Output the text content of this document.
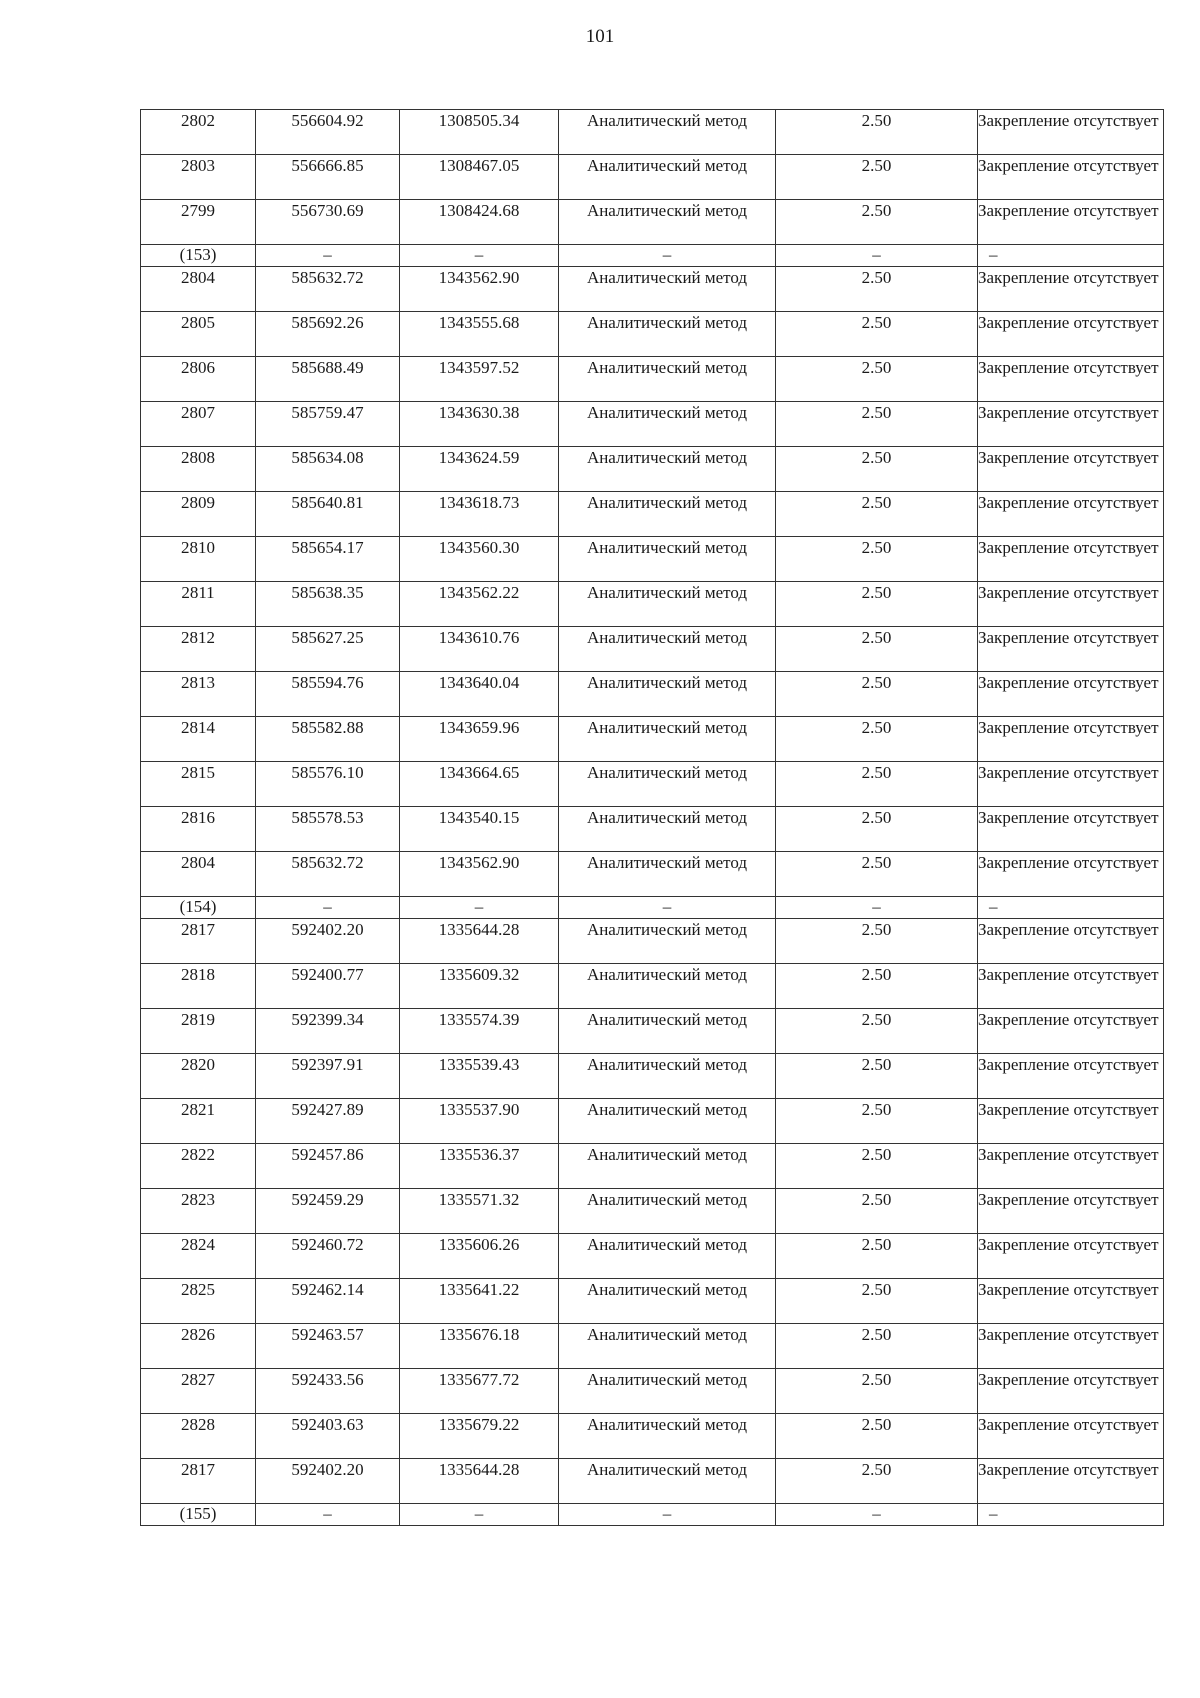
101
2802	556604.92	1308505.34	Аналитический метод	2.50	Закрепление отсутствует
2803	556666.85	1308467.05	Аналитический метод	2.50	Закрепление отсутствует
2799	556730.69	1308424.68	Аналитический метод	2.50	Закрепление отсутствует
(153)	–	–	–	–	–
2804	585632.72	1343562.90	Аналитический метод	2.50	Закрепление отсутствует
2805	585692.26	1343555.68	Аналитический метод	2.50	Закрепление отсутствует
2806	585688.49	1343597.52	Аналитический метод	2.50	Закрепление отсутствует
2807	585759.47	1343630.38	Аналитический метод	2.50	Закрепление отсутствует
2808	585634.08	1343624.59	Аналитический метод	2.50	Закрепление отсутствует
2809	585640.81	1343618.73	Аналитический метод	2.50	Закрепление отсутствует
2810	585654.17	1343560.30	Аналитический метод	2.50	Закрепление отсутствует
2811	585638.35	1343562.22	Аналитический метод	2.50	Закрепление отсутствует
2812	585627.25	1343610.76	Аналитический метод	2.50	Закрепление отсутствует
2813	585594.76	1343640.04	Аналитический метод	2.50	Закрепление отсутствует
2814	585582.88	1343659.96	Аналитический метод	2.50	Закрепление отсутствует
2815	585576.10	1343664.65	Аналитический метод	2.50	Закрепление отсутствует
2816	585578.53	1343540.15	Аналитический метод	2.50	Закрепление отсутствует
2804	585632.72	1343562.90	Аналитический метод	2.50	Закрепление отсутствует
(154)	–	–	–	–	–
2817	592402.20	1335644.28	Аналитический метод	2.50	Закрепление отсутствует
2818	592400.77	1335609.32	Аналитический метод	2.50	Закрепление отсутствует
2819	592399.34	1335574.39	Аналитический метод	2.50	Закрепление отсутствует
2820	592397.91	1335539.43	Аналитический метод	2.50	Закрепление отсутствует
2821	592427.89	1335537.90	Аналитический метод	2.50	Закрепление отсутствует
2822	592457.86	1335536.37	Аналитический метод	2.50	Закрепление отсутствует
2823	592459.29	1335571.32	Аналитический метод	2.50	Закрепление отсутствует
2824	592460.72	1335606.26	Аналитический метод	2.50	Закрепление отсутствует
2825	592462.14	1335641.22	Аналитический метод	2.50	Закрепление отсутствует
2826	592463.57	1335676.18	Аналитический метод	2.50	Закрепление отсутствует
2827	592433.56	1335677.72	Аналитический метод	2.50	Закрепление отсутствует
2828	592403.63	1335679.22	Аналитический метод	2.50	Закрепление отсутствует
2817	592402.20	1335644.28	Аналитический метод	2.50	Закрепление отсутствует
(155)	–	–	–	–	–
